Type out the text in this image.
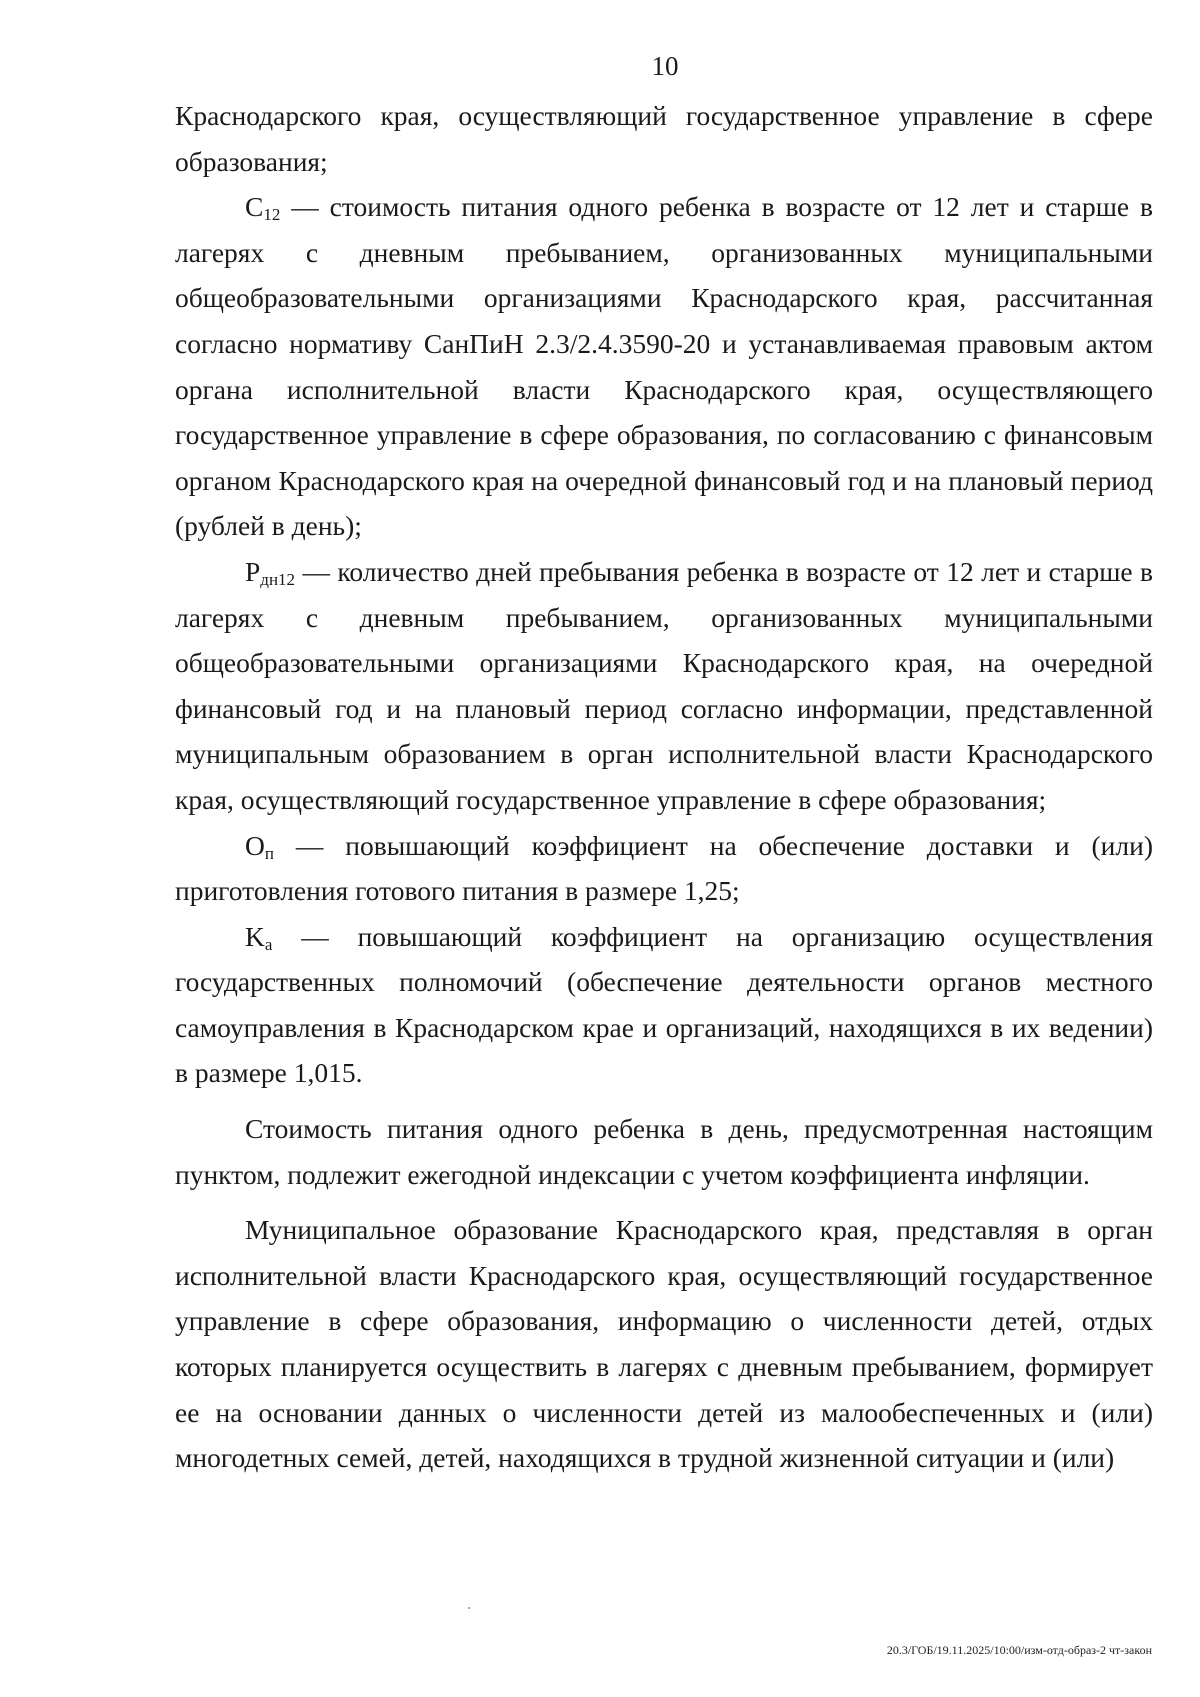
10

Краснодарского края, осуществляющий государственное управление в сфере образования;

$C_{12}$ — стоимость питания одного ребенка в возрасте от 12 лет и старше в лагерях с дневным пребыванием, организованных муниципальными общеобразовательными организациями Краснодарского края, рассчитанная согласно нормативу СанПиН 2.3/2.4.3590-20 и устанавливаемая правовым актом органа исполнительной власти Краснодарского края, осуществляющего государственное управление в сфере образования, по согласованию с финансовым органом Краснодарского края на очередной финансовый год и на плановый период (рублей в день);

$P_{дн12}$ — количество дней пребывания ребенка в возрасте от 12 лет и старше в лагерях с дневным пребыванием, организованных муниципальными общеобразовательными организациями Краснодарского края, на очередной финансовый год и на плановый период согласно информации, представленной муниципальным образованием в орган исполнительной власти Краснодарского края, осуществляющий государственное управление в сфере образования;

$O_п$ — повышающий коэффициент на обеспечение доставки и (или) приготовления готового питания в размере 1,25;

$K_а$ — повышающий коэффициент на организацию осуществления государственных полномочий (обеспечение деятельности органов местного самоуправления в Краснодарском крае и организаций, находящихся в их ведении) в размере 1,015.

Стоимость питания одного ребенка в день, предусмотренная настоящим пунктом, подлежит ежегодной индексации с учетом коэффициента инфляции.

Муниципальное образование Краснодарского края, представляя в орган исполнительной власти Краснодарского края, осуществляющий государственное управление в сфере образования, информацию о численности детей, отдых которых планируется осуществить в лагерях с дневным пребыванием, формирует ее на основании данных о численности детей из малообеспеченных и (или) многодетных семей, детей, находящихся в трудной жизненной ситуации и (или)

20.3/ГОБ/19.11.2025/10:00/изм-отд-образ-2 чт-закон
